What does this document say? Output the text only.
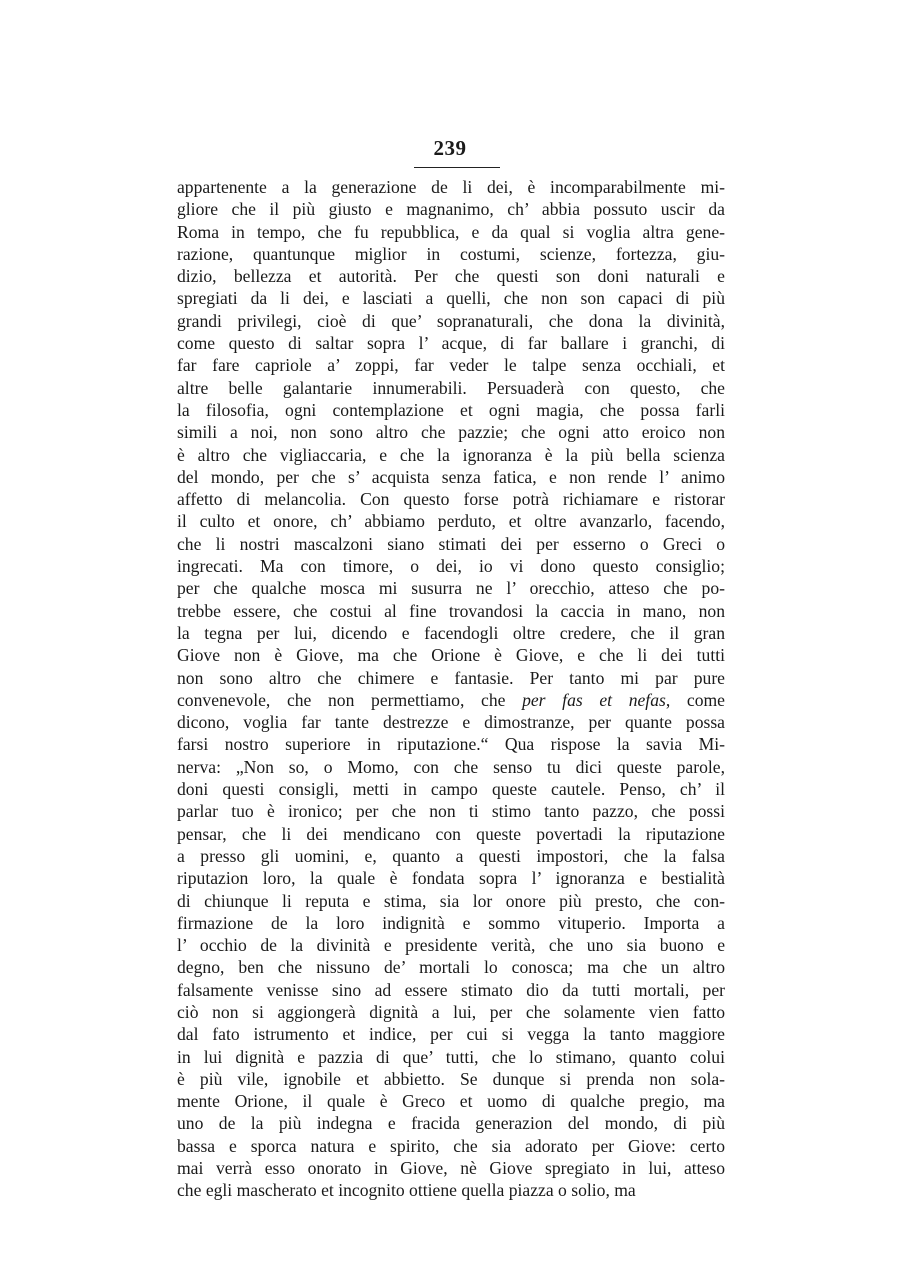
239
appartenente a la generazione de li dei, è incomparabilmente mi-
gliore che il più giusto e magnanimo, ch’ abbia possuto uscir da
Roma in tempo, che fu repubblica, e da qual si voglia altra gene-
razione, quantunque miglior in costumi, scienze, fortezza, giu-
dizio, bellezza et autorità. Per che questi son doni naturali e
spregiati da li dei, e lasciati a quelli, che non son capaci di più
grandi privilegi, cioè di que’ sopranaturali, che dona la divinità,
come questo di saltar sopra l’ acque, di far ballare i granchi, di
far fare capriole a’ zoppi, far veder le talpe senza occhiali, et
altre belle galantarie innumerabili. Persuaderà con questo, che
la filosofia, ogni contemplazione et ogni magia, che possa farli
simili a noi, non sono altro che pazzie; che ogni atto eroico non
è altro che vigliaccaria, e che la ignoranza è la più bella scienza
del mondo, per che s’ acquista senza fatica, e non rende l’ animo
affetto di melancolia. Con questo forse potrà richiamare e ristorar
il culto et onore, ch’ abbiamo perduto, et oltre avanzarlo, facendo,
che li nostri mascalzoni siano stimati dei per esserno o Greci o
ingrecati. Ma con timore, o dei, io vi dono questo consiglio;
per che qualche mosca mi susurra ne l’ orecchio, atteso che po-
trebbe essere, che costui al fine trovandosi la caccia in mano, non
la tegna per lui, dicendo e facendogli oltre credere, che il gran
Giove non è Giove, ma che Orione è Giove, e che li dei tutti
non sono altro che chimere e fantasie. Per tanto mi par pure
convenevole, che non permettiamo, che per fas et nefas, come
dicono, voglia far tante destrezze e dimostranze, per quante possa
farsi nostro superiore in riputazione.“ Qua rispose la savia Mi-
nerva: „Non so, o Momo, con che senso tu dici queste parole,
doni questi consigli, metti in campo queste cautele. Penso, ch’ il
parlar tuo è ironico; per che non ti stimo tanto pazzo, che possi
pensar, che li dei mendicano con queste povertadi la riputazione
a presso gli uomini, e, quanto a questi impostori, che la falsa
riputazion loro, la quale è fondata sopra l’ ignoranza e bestialità
di chiunque li reputa e stima, sia lor onore più presto, che con-
firmazione de la loro indignità e sommo vituperio. Importa a
l’ occhio de la divinità e presidente verità, che uno sia buono e
degno, ben che nissuno de’ mortali lo conosca; ma che un altro
falsamente venisse sino ad essere stimato dio da tutti mortali, per
ciò non si aggiongerà dignità a lui, per che solamente vien fatto
dal fato istrumento et indice, per cui si vegga la tanto maggiore
in lui dignità e pazzia di que’ tutti, che lo stimano, quanto colui
è più vile, ignobile et abbietto. Se dunque si prenda non sola-
mente Orione, il quale è Greco et uomo di qualche pregio, ma
uno de la più indegna e fracida generazion del mondo, di più
bassa e sporca natura e spirito, che sia adorato per Giove: certo
mai verrà esso onorato in Giove, nè Giove spregiato in lui, atteso
che egli mascherato et incognito ottiene quella piazza o solio, ma
